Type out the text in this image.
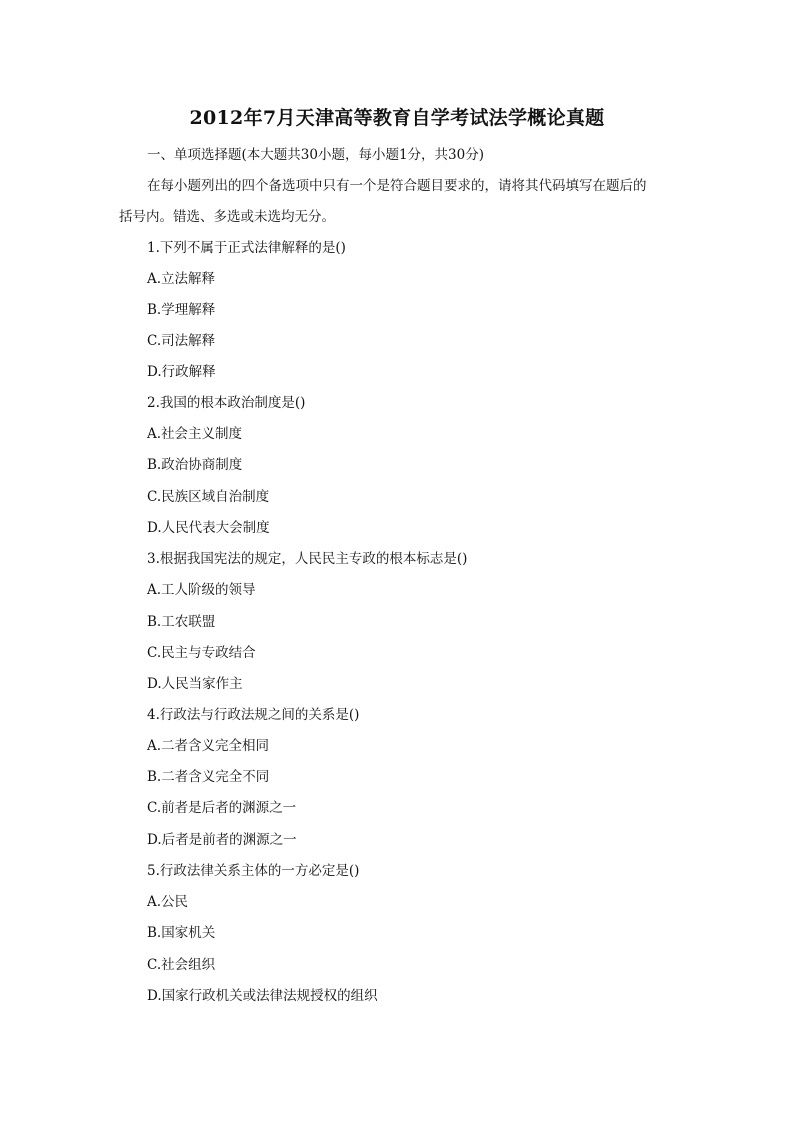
2012年7月天津高等教育自学考试法学概论真题
一、单项选择题(本大题共30小题，每小题1分，共30分)
在每小题列出的四个备选项中只有一个是符合题目要求的，请将其代码填写在题后的
括号内。错选、多选或未选均无分。
1.下列不属于正式法律解释的是()
A.立法解释
B.学理解释
C.司法解释
D.行政解释
2.我国的根本政治制度是()
A.社会主义制度
B.政治协商制度
C.民族区域自治制度
D.人民代表大会制度
3.根据我国宪法的规定，人民民主专政的根本标志是()
A.工人阶级的领导
B.工农联盟
C.民主与专政结合
D.人民当家作主
4.行政法与行政法规之间的关系是()
A.二者含义完全相同
B.二者含义完全不同
C.前者是后者的渊源之一
D.后者是前者的渊源之一
5.行政法律关系主体的一方必定是()
A.公民
B.国家机关
C.社会组织
D.国家行政机关或法律法规授权的组织
